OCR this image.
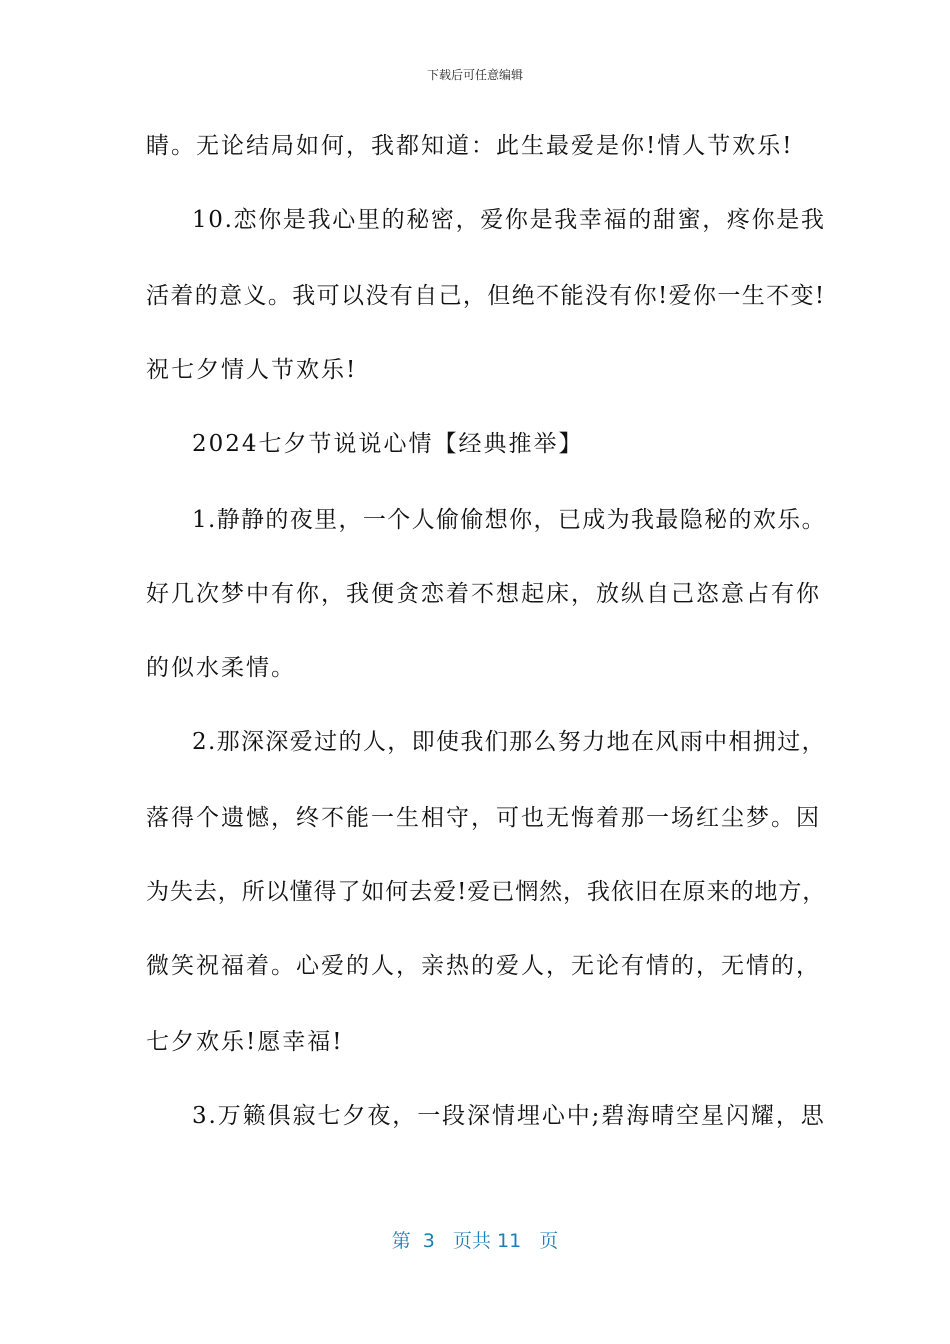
下载后可任意编辑
睛。无论结局如何，我都知道：此生最爱是你!情人节欢乐!
10.恋你是我心里的秘密，爱你是我幸福的甜蜜，疼你是我
活着的意义。我可以没有自己，但绝不能没有你!爱你一生不变!
祝七夕情人节欢乐!
2024七夕节说说心情【经典推举】
1.静静的夜里，一个人偷偷想你，已成为我最隐秘的欢乐。
好几次梦中有你，我便贪恋着不想起床，放纵自己恣意占有你
的似水柔情。
2.那深深爱过的人，即使我们那么努力地在风雨中相拥过，
落得个遗憾，终不能一生相守，可也无悔着那一场红尘梦。因
为失去，所以懂得了如何去爱!爱已惘然，我依旧在原来的地方，
微笑祝福着。心爱的人，亲热的爱人，无论有情的，无情的，
七夕欢乐!愿幸福!
3.万籁俱寂七夕夜，一段深情埋心中;碧海晴空星闪耀，思
第  3   页共 11   页
